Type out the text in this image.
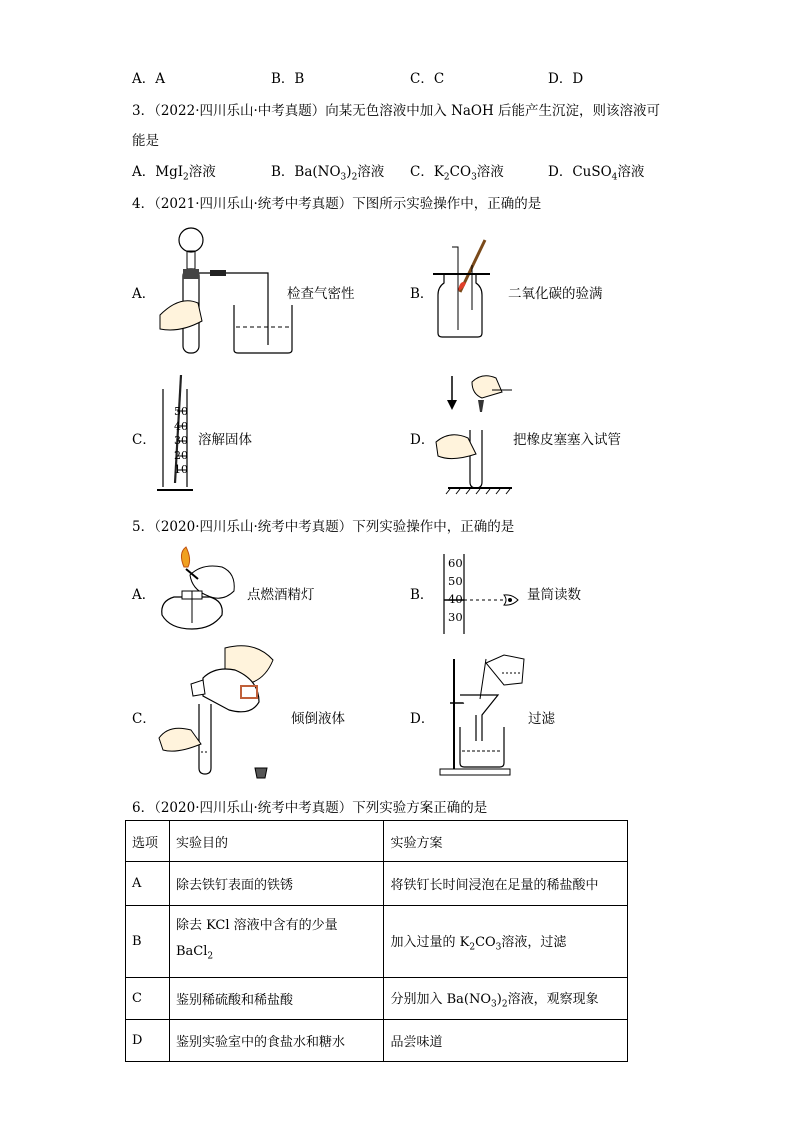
A．A	B．B	C．C	D．D
3．（2022·四川乐山·中考真题）向某无色溶液中加入 NaOH 后能产生沉淀，则该溶液可
能是
A．MgI$_2$溶液	B．$Ba(NO_3)_2$溶液 C．$K_2CO_3$溶液	D．CuSO$_4$溶液
4．（2021·四川乐山·统考中考真题）下图所示实验操作中，正确的是
A．	检查气密性	B．	二氧化碳的验满
C．
50
40
30
20
10
溶解固体	D．	把橡皮塞塞入试管
5．（2020·四川乐山·统考中考真题）下列实验操作中，正确的是
A．	点燃酒精灯	B．
60
50
40
30
量筒读数
C．	倾倒液体	D．	过滤
6．（2020·四川乐山·统考中考真题）下列实验方案正确的是
选项	实验目的	实验方案
A	除去铁钉表面的铁锈	将铁钉长时间浸泡在足量的稀盐酸中
B	除去 KCl 溶液中含有的少量
BaCl$_2$	加入过量的 $K_2CO_3$溶液，过滤
C	鉴别稀硫酸和稀盐酸	分别加入 $Ba(NO_3)_2$溶液，观察现象
D	鉴别实验室中的食盐水和糖水	品尝味道
